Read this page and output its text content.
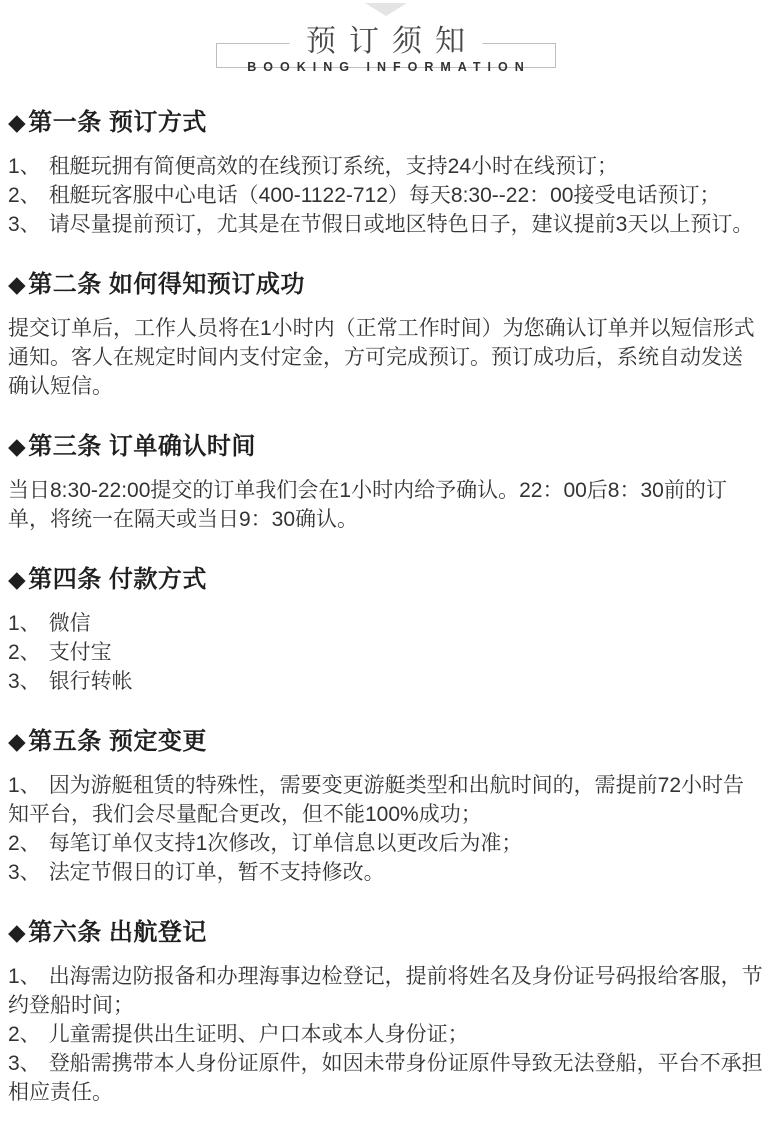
预订须知
BOOKING INFORMATION
◆第一条 预订方式

1、 租艇玩拥有简便高效的在线预订系统，支持24小时在线预订；

2、 租艇玩客服中心电话（400-1122-712）每天8:30--22：00接受电话预订；

3、 请尽量提前预订，尤其是在节假日或地区特色日子，建议提前3天以上预订。

◆第二条 如何得知预订成功

提交订单后，工作人员将在1小时内（正常工作时间）为您确认订单并以短信形式通知。客人在规定时间内支付定金，方可完成预订。预订成功后，系统自动发送确认短信。

◆第三条 订单确认时间

当日8:30-22:00提交的订单我们会在1小时内给予确认。22：00后8：30前的订单，将统一在隔天或当日9：30确认。

◆第四条 付款方式

1、 微信

2、 支付宝

3、 银行转帐

◆第五条 预定变更

1、 因为游艇租赁的特殊性，需要变更游艇类型和出航时间的，需提前72小时告知平台，我们会尽量配合更改，但不能100%成功；

2、 每笔订单仅支持1次修改，订单信息以更改后为准；

3、 法定节假日的订单，暂不支持修改。

◆第六条 出航登记

1、 出海需边防报备和办理海事边检登记，提前将姓名及身份证号码报给客服，节约登船时间；

2、 儿童需提供出生证明、户口本或本人身份证；

3、 登船需携带本人身份证原件，如因未带身份证原件导致无法登船，平台不承担相应责任。
